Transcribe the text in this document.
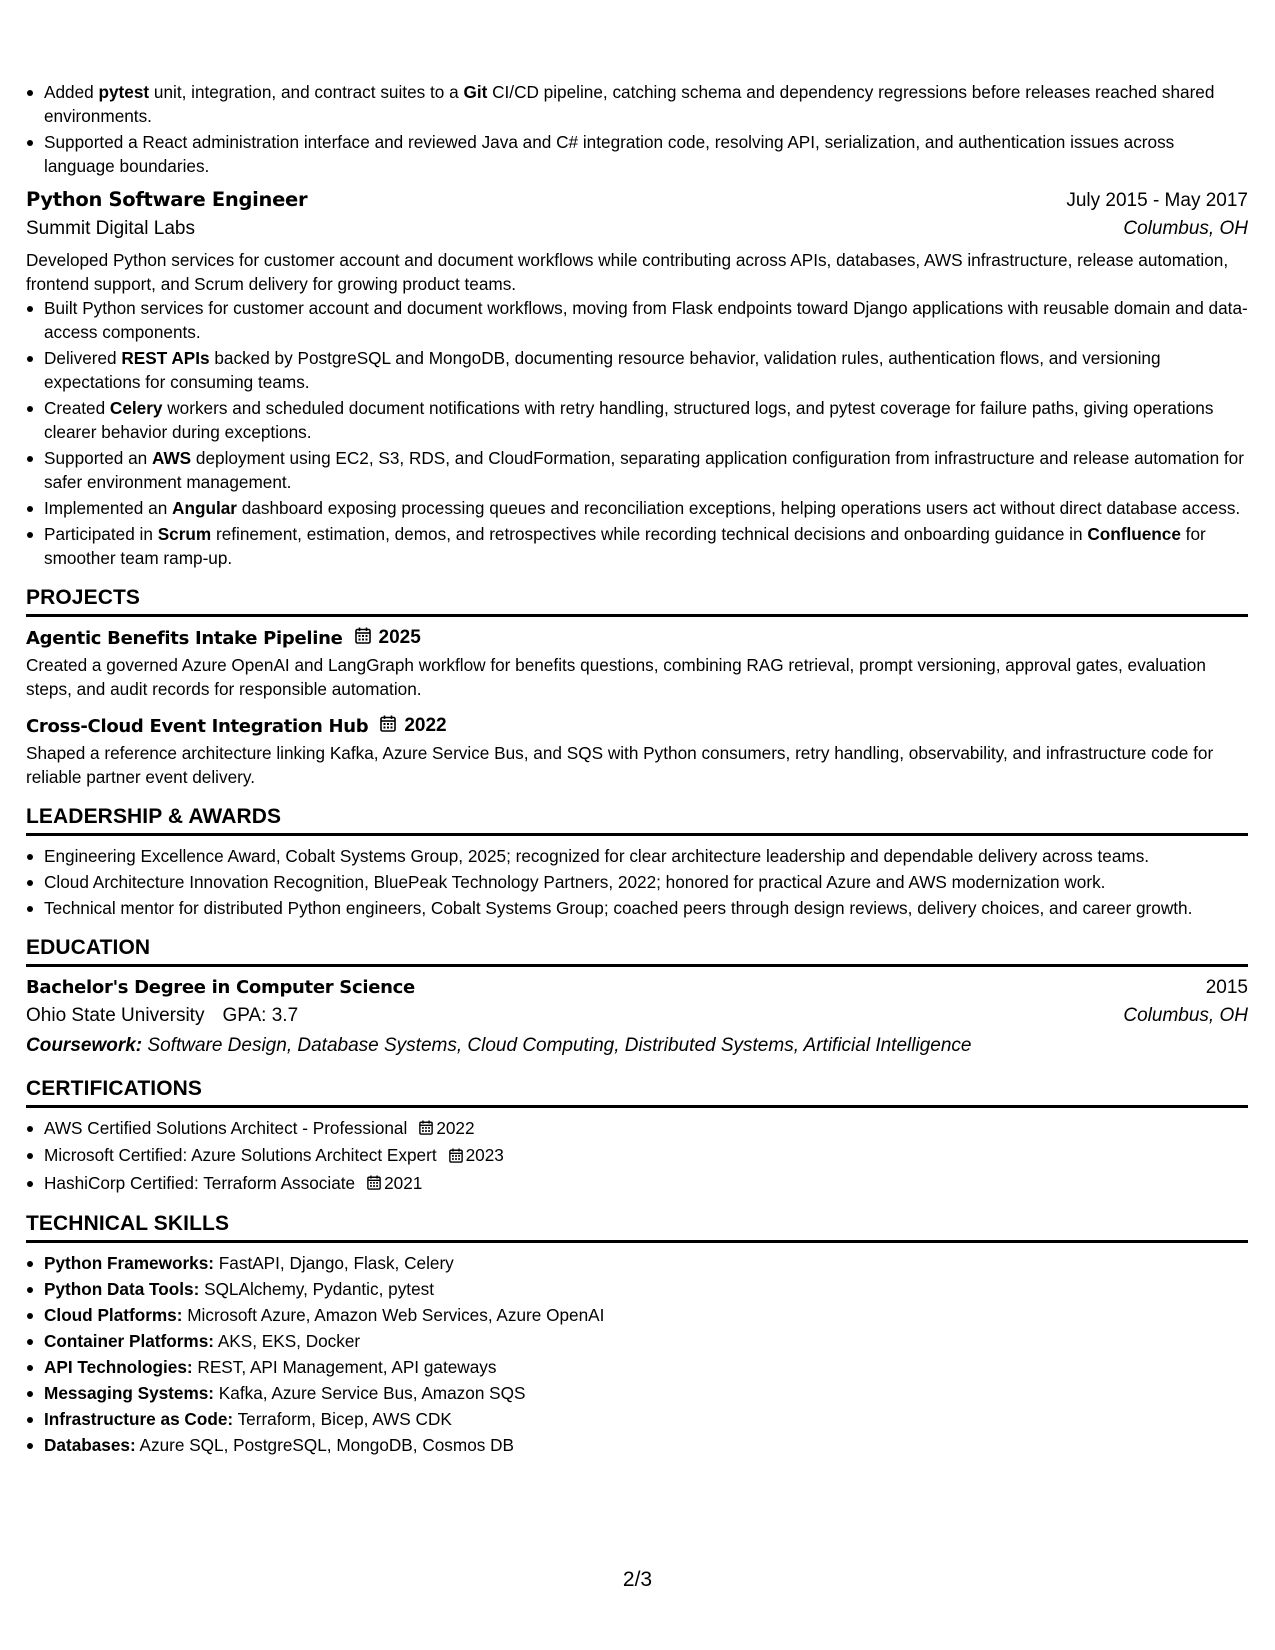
Added pytest unit, integration, and contract suites to a Git CI/CD pipeline, catching schema and dependency regressions before releases reached shared environments.
Supported a React administration interface and reviewed Java and C# integration code, resolving API, serialization, and authentication issues across language boundaries.
Python Software Engineer	July 2015 - May 2017
Summit Digital Labs	Columbus, OH
Developed Python services for customer account and document workflows while contributing across APIs, databases, AWS infrastructure, release automation, frontend support, and Scrum delivery for growing product teams.
Built Python services for customer account and document workflows, moving from Flask endpoints toward Django applications with reusable domain and data-access components.
Delivered REST APIs backed by PostgreSQL and MongoDB, documenting resource behavior, validation rules, authentication flows, and versioning expectations for consuming teams.
Created Celery workers and scheduled document notifications with retry handling, structured logs, and pytest coverage for failure paths, giving operations clearer behavior during exceptions.
Supported an AWS deployment using EC2, S3, RDS, and CloudFormation, separating application configuration from infrastructure and release automation for safer environment management.
Implemented an Angular dashboard exposing processing queues and reconciliation exceptions, helping operations users act without direct database access.
Participated in Scrum refinement, estimation, demos, and retrospectives while recording technical decisions and onboarding guidance in Confluence for smoother team ramp-up.
PROJECTS
Agentic Benefits Intake Pipeline 2025
Created a governed Azure OpenAI and LangGraph workflow for benefits questions, combining RAG retrieval, prompt versioning, approval gates, evaluation steps, and audit records for responsible automation.
Cross-Cloud Event Integration Hub 2022
Shaped a reference architecture linking Kafka, Azure Service Bus, and SQS with Python consumers, retry handling, observability, and infrastructure code for reliable partner event delivery.
LEADERSHIP & AWARDS
Engineering Excellence Award, Cobalt Systems Group, 2025; recognized for clear architecture leadership and dependable delivery across teams.
Cloud Architecture Innovation Recognition, BluePeak Technology Partners, 2022; honored for practical Azure and AWS modernization work.
Technical mentor for distributed Python engineers, Cobalt Systems Group; coached peers through design reviews, delivery choices, and career growth.
EDUCATION
Bachelor's Degree in Computer Science	2015
Ohio State University GPA: 3.7	Columbus, OH
Coursework: Software Design, Database Systems, Cloud Computing, Distributed Systems, Artificial Intelligence
CERTIFICATIONS
AWS Certified Solutions Architect - Professional 2022
Microsoft Certified: Azure Solutions Architect Expert 2023
HashiCorp Certified: Terraform Associate 2021
TECHNICAL SKILLS
Python Frameworks: FastAPI, Django, Flask, Celery
Python Data Tools: SQLAlchemy, Pydantic, pytest
Cloud Platforms: Microsoft Azure, Amazon Web Services, Azure OpenAI
Container Platforms: AKS, EKS, Docker
API Technologies: REST, API Management, API gateways
Messaging Systems: Kafka, Azure Service Bus, Amazon SQS
Infrastructure as Code: Terraform, Bicep, AWS CDK
Databases: Azure SQL, PostgreSQL, MongoDB, Cosmos DB
2/3
